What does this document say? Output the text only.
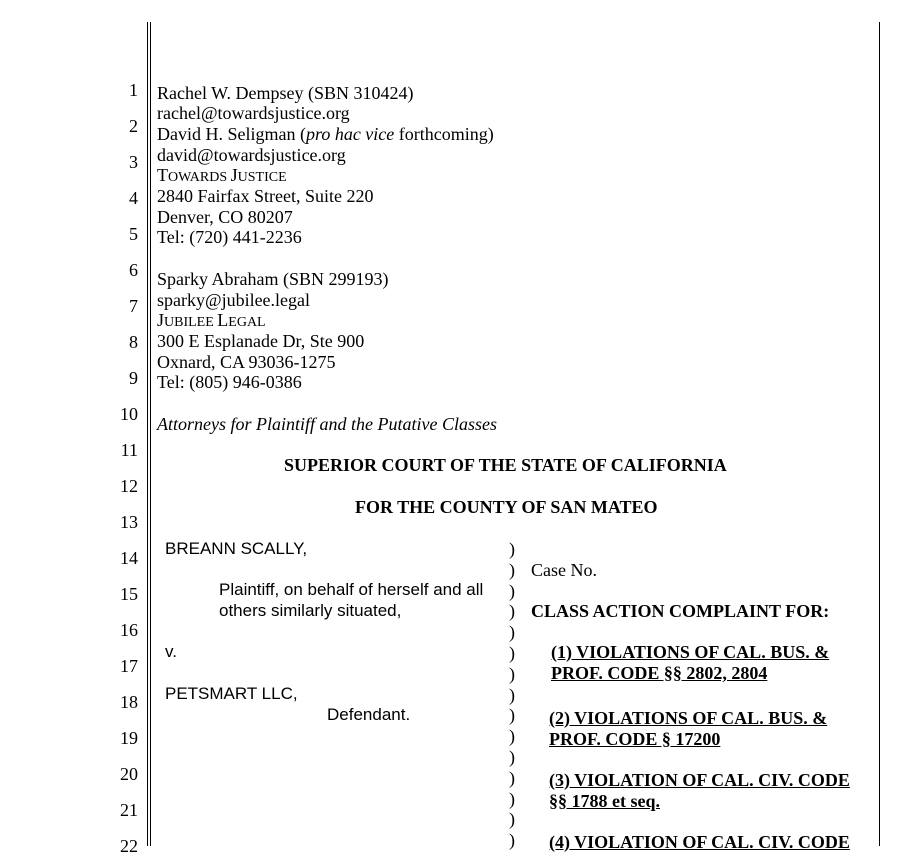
1
2
3
4
5
6
7
8
9
10
11
12
13
14
15
16
17
18
19
20
21
22
Rachel W. Dempsey (SBN 310424)
rachel@towardsjustice.org
David H. Seligman (pro hac vice forthcoming)
david@towardsjustice.org
TOWARDS JUSTICE
2840 Fairfax Street, Suite 220
Denver, CO 80207
Tel: (720) 441-2236
Sparky Abraham (SBN 299193)
sparky@jubilee.legal
JUBILEE LEGAL
300 E Esplanade Dr, Ste 900
Oxnard, CA 93036-1275
Tel: (805) 946-0386
Attorneys for Plaintiff and the Putative Classes
SUPERIOR COURT OF THE STATE OF CALIFORNIA
FOR THE COUNTY OF SAN MATEO
BREANN SCALLY,
Plaintiff, on behalf of herself and all
others similarly situated,
v.
PETSMART LLC,
Defendant.
)
)
)
)
)
)
)
)
)
)
)
)
)
)
)
Case No.
CLASS ACTION COMPLAINT FOR:
(1) VIOLATIONS OF CAL. BUS. &
PROF. CODE §§ 2802, 2804
(2) VIOLATIONS OF CAL. BUS. &
PROF. CODE § 17200
(3) VIOLATION OF CAL. CIV. CODE
§§ 1788 et seq.
(4) VIOLATION OF CAL. CIV. CODE
